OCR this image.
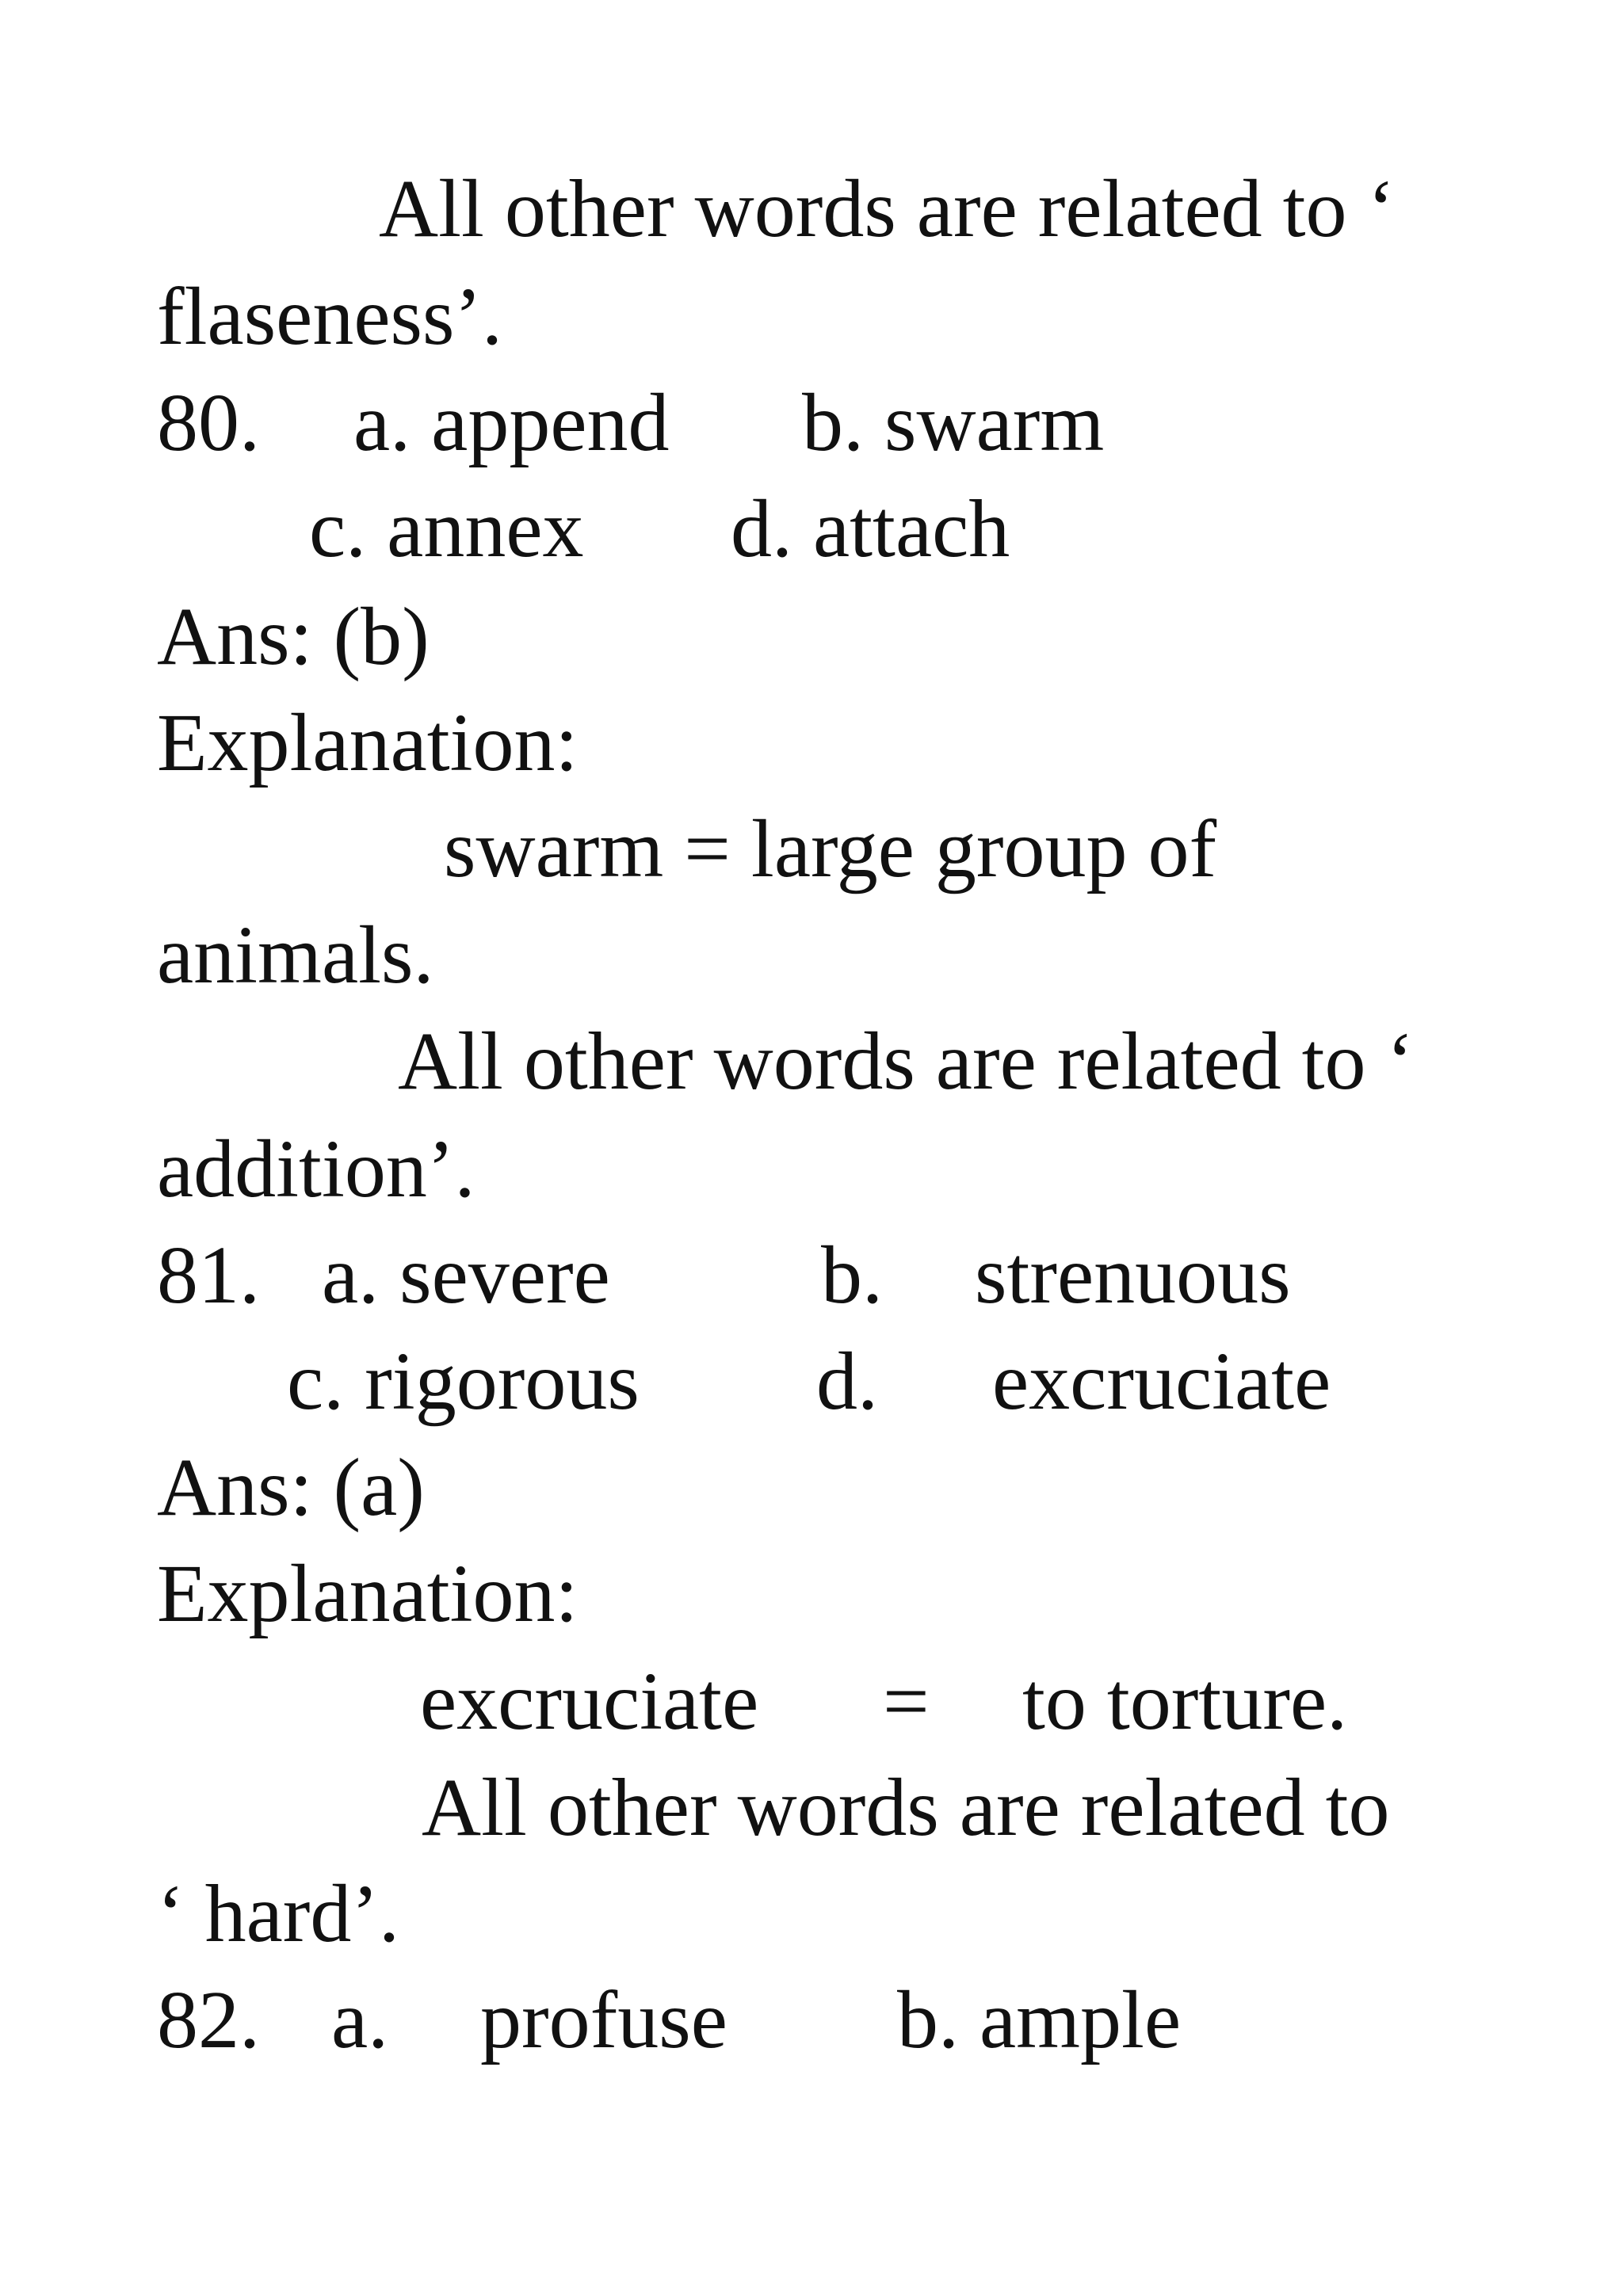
All other words are related to ‘
flaseness’.
80. a. append b. swarm
c. annex d. attach
Ans: (b)
Explanation:
swarm = large group of
animals.
All other words are related to ‘
addition’.
81. a. severe	b. strenuous
c. rigorous d. excruciate
Ans: (a)
Explanation:
excruciate = to torture.
All other words are related to
‘ hard’.
82. a. profuse b. ample
